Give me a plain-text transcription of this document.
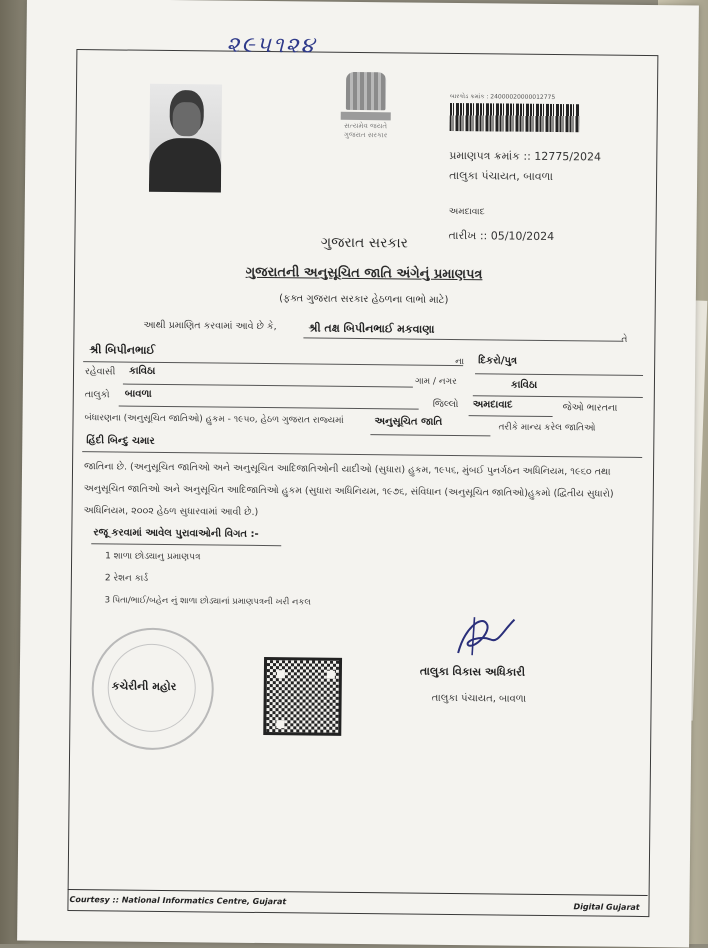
૨૯૫૧૨૪
સત્યમેવ જયતે
ગુજરાત સરકાર
બારકોડ ક્રમાંક : 24000020000012775
પ્રમાણપત્ર ક્રમાંક :: 12775/2024
તાલુકા પંચાયત, બાવળા
અમદાવાદ
તારીખ :: 05/10/2024
ગુજરાત સરકાર
ગુજરાતની અનુસૂચિત જાતિ અંગેનું પ્રમાણપત્ર
(ફક્ત ગુજરાત સરકાર હેઠળના લાભો માટે)
આથી પ્રમાણિત કરવામાં આવે છે કે,	શ્રી તક્ષ બિપીનભાઈ મકવાણા
તે
શ્રી બિપીનભાઈ
ના દિકરો/પુત્ર
રહેવાસી કાવિઠા
ગામ / નગર	કાવિઠા
તાલુકો બાવળા
જિલ્લો અમદાવાદ	જેઓ ભારતના
બંધારણના (અનુસૂચિત જાતિઓ) હુકમ - ૧૯૫૦, હેઠળ ગુજરાત રાજ્યમાં	અનુસૂચિત જાતિ
તરીકે માન્ય કરેલ જાતિઓ
હિંદી બિન્દુ ચમાર
જાતિના છે. (અનુસૂચિત જાતિઓ અને અનુસૂચિત આદિજાતિઓની યાદીઓ (સુધારા) હુકમ, ૧૯૫૬, મુંબઈ પુનર્ગઠન અધિનિયમ, ૧૯૬૦ તથા
અનુસૂચિત જાતિઓ અને અનુસૂચિત આદિજાતિઓ હુકમ (સુધારા અધિનિયમ, ૧૯૭૬, સંવિધાન (અનુસૂચિત જાતિઓ)હુકમો (દ્વિતીય સુધારો)
અધિનિયમ, ૨૦૦૨ હેઠળ સુધારવામાં આવી છે.)
રજૂ કરવામાં આવેલ પુરાવાઓની વિગત :-
1 શાળા છોડ્યાનુ પ્રમાણપત્ર
2 રેશન કાર્ડ
3 પિતા/ભાઈ/બહેન નું શાળા છોડ્યાનાં પ્રમાણપત્રની ખરી નકલ
કચેરીની મહોર
તાલુકા વિકાસ અધિકારી
તાલુકા પંચાયત, બાવળા
Courtesy :: National Informatics Centre, Gujarat
Digital Gujarat
